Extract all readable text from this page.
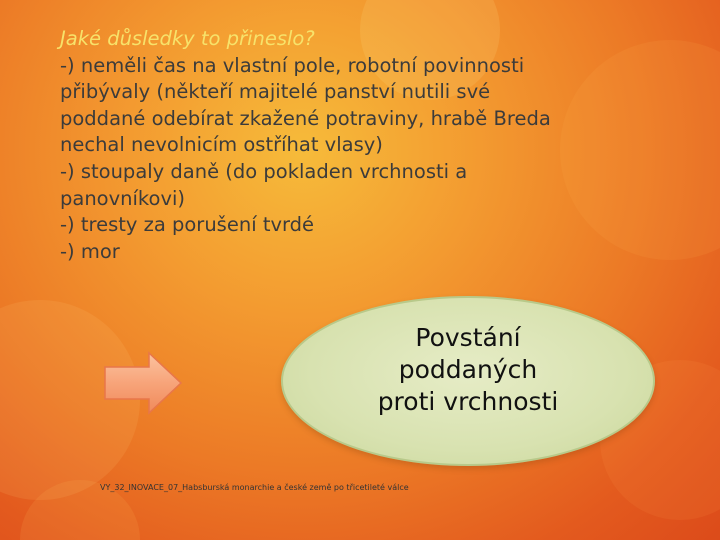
Jaké důsledky to přineslo?
-) neměli čas na vlastní pole, robotní povinnosti
přibývaly (někteří majitelé panství nutili své
poddané odebírat zkažené potraviny, hrabě Breda
nechal nevolnicím ostříhat vlasy)
-) stoupaly daně (do pokladen vrchnosti a
panovníkovi)
-) tresty za porušení tvrdé
-) mor
Povstání
poddaných
proti vrchnosti
VY_32_INOVACE_07_Habsburská monarchie a české země po třicetileté válce
